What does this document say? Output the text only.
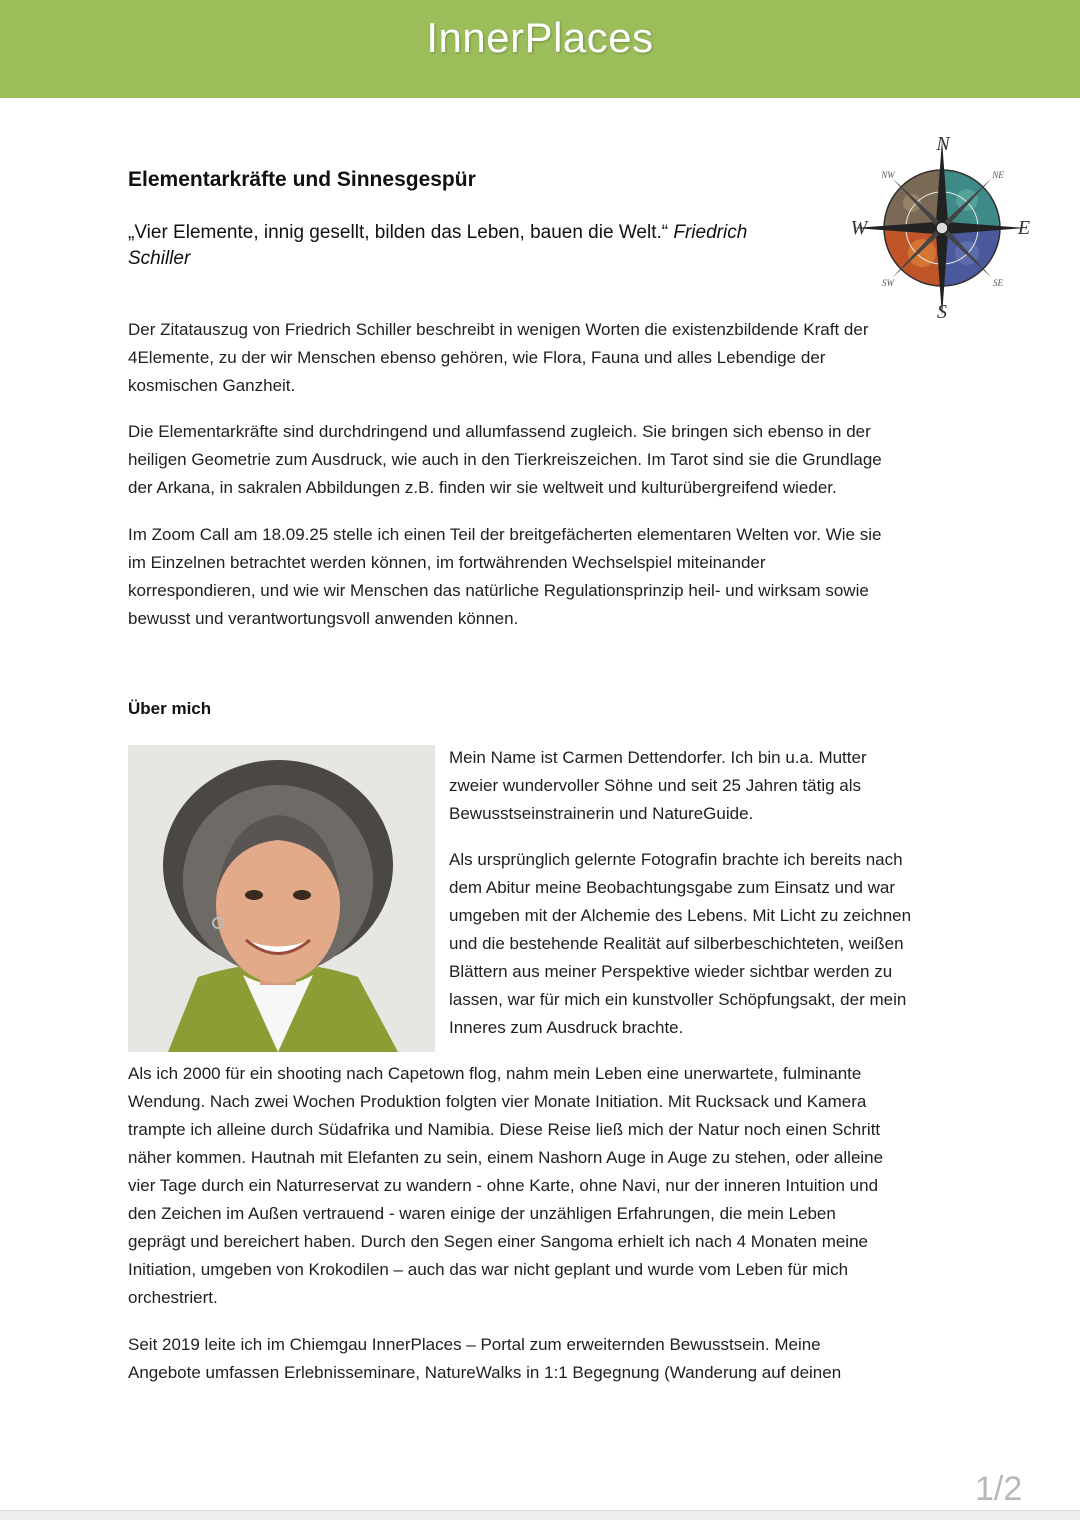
InnerPlaces
Elementarkräfte und Sinnesgespür
„Vier Elemente, innig gesellt, bilden das Leben, bauen die Welt.“ Friedrich Schiller
N
E
S
W
NW	NE
SW	SE

Der Zitatauszug von Friedrich Schiller beschreibt in wenigen Worten die existenzbildende Kraft der
4Elemente, zu der wir Menschen ebenso gehören, wie Flora, Fauna und alles Lebendige der
kosmischen Ganzheit.

Die Elementarkräfte sind durchdringend und allumfassend zugleich. Sie bringen sich ebenso in der
heiligen Geometrie zum Ausdruck, wie auch in den Tierkreiszeichen. Im Tarot sind sie die Grundlage
der Arkana, in sakralen Abbildungen z.B. finden wir sie weltweit und kulturübergreifend wieder.

Im Zoom Call am 18.09.25 stelle ich einen Teil der breitgefächerten elementaren Welten vor. Wie sie
im Einzelnen betrachtet werden können, im fortwährenden Wechselspiel miteinander
korrespondieren, und wie wir Menschen das natürliche Regulationsprinzip heil- und wirksam sowie
bewusst und verantwortungsvoll anwenden können.

Über mich

Mein Name ist Carmen Dettendorfer. Ich bin u.a. Mutter
zweier wundervoller Söhne und seit 25 Jahren tätig als
Bewusstseinstrainerin und NatureGuide.

Als ursprünglich gelernte Fotografin brachte ich bereits nach
dem Abitur meine Beobachtungsgabe zum Einsatz und war
umgeben mit der Alchemie des Lebens. Mit Licht zu zeichnen
und die bestehende Realität auf silberbeschichteten, weißen
Blättern aus meiner Perspektive wieder sichtbar werden zu
lassen, war für mich ein kunstvoller Schöpfungsakt, der mein
Inneres zum Ausdruck brachte.

Als ich 2000 für ein shooting nach Capetown flog, nahm mein Leben eine unerwartete, fulminante
Wendung. Nach zwei Wochen Produktion folgten vier Monate Initiation. Mit Rucksack und Kamera
trampte ich alleine durch Südafrika und Namibia. Diese Reise ließ mich der Natur noch einen Schritt
näher kommen. Hautnah mit Elefanten zu sein, einem Nashorn Auge in Auge zu stehen, oder alleine
vier Tage durch ein Naturreservat zu wandern - ohne Karte, ohne Navi, nur der inneren Intuition und
den Zeichen im Außen vertrauend - waren einige der unzähligen Erfahrungen, die mein Leben
geprägt und bereichert haben. Durch den Segen einer Sangoma erhielt ich nach 4 Monaten meine
Initiation, umgeben von Krokodilen – auch das war nicht geplant und wurde vom Leben für mich
orchestriert.

Seit 2019 leite ich im Chiemgau InnerPlaces – Portal zum erweiternden Bewusstsein. Meine
Angebote umfassen Erlebnisseminare, NatureWalks in 1:1 Begegnung (Wanderung auf deinen

1/2
